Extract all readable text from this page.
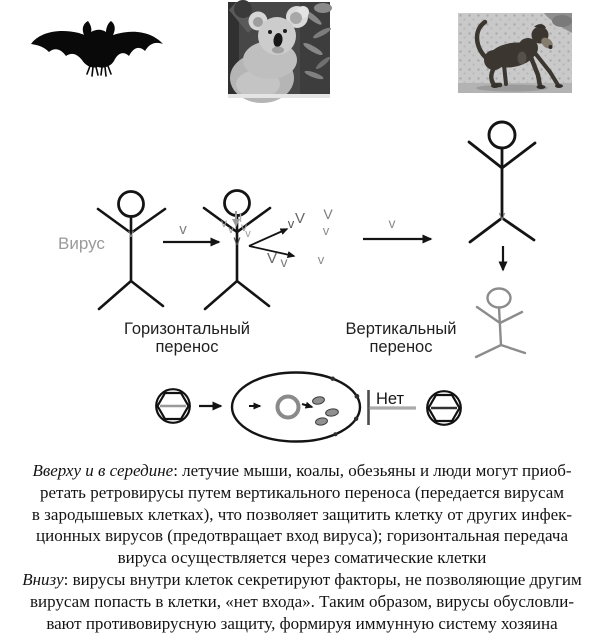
v	v	v v v
v
v
v V V
v
V v v
v	v
Вирус
Горизонтальный
перенос
Вертикальный
перенос
Нет
Вверху и в середине: летучие мыши, коалы, обезьяны и люди могут приоб-
ретать ретровирусы путем вертикального переноса (передается вирусам
в зародышевых клетках), что позволяет защитить клетку от других инфек-
ционных вирусов (предотвращает вход вируса); горизонтальная передача
вируса осуществляется через соматические клетки
Внизу: вирусы внутри клеток секретируют факторы, не позволяющие другим
вирусам попасть в клетки, «нет входа». Таким образом, вирусы обусловли-
вают противовирусную защиту, формируя иммунную систему хозяина
